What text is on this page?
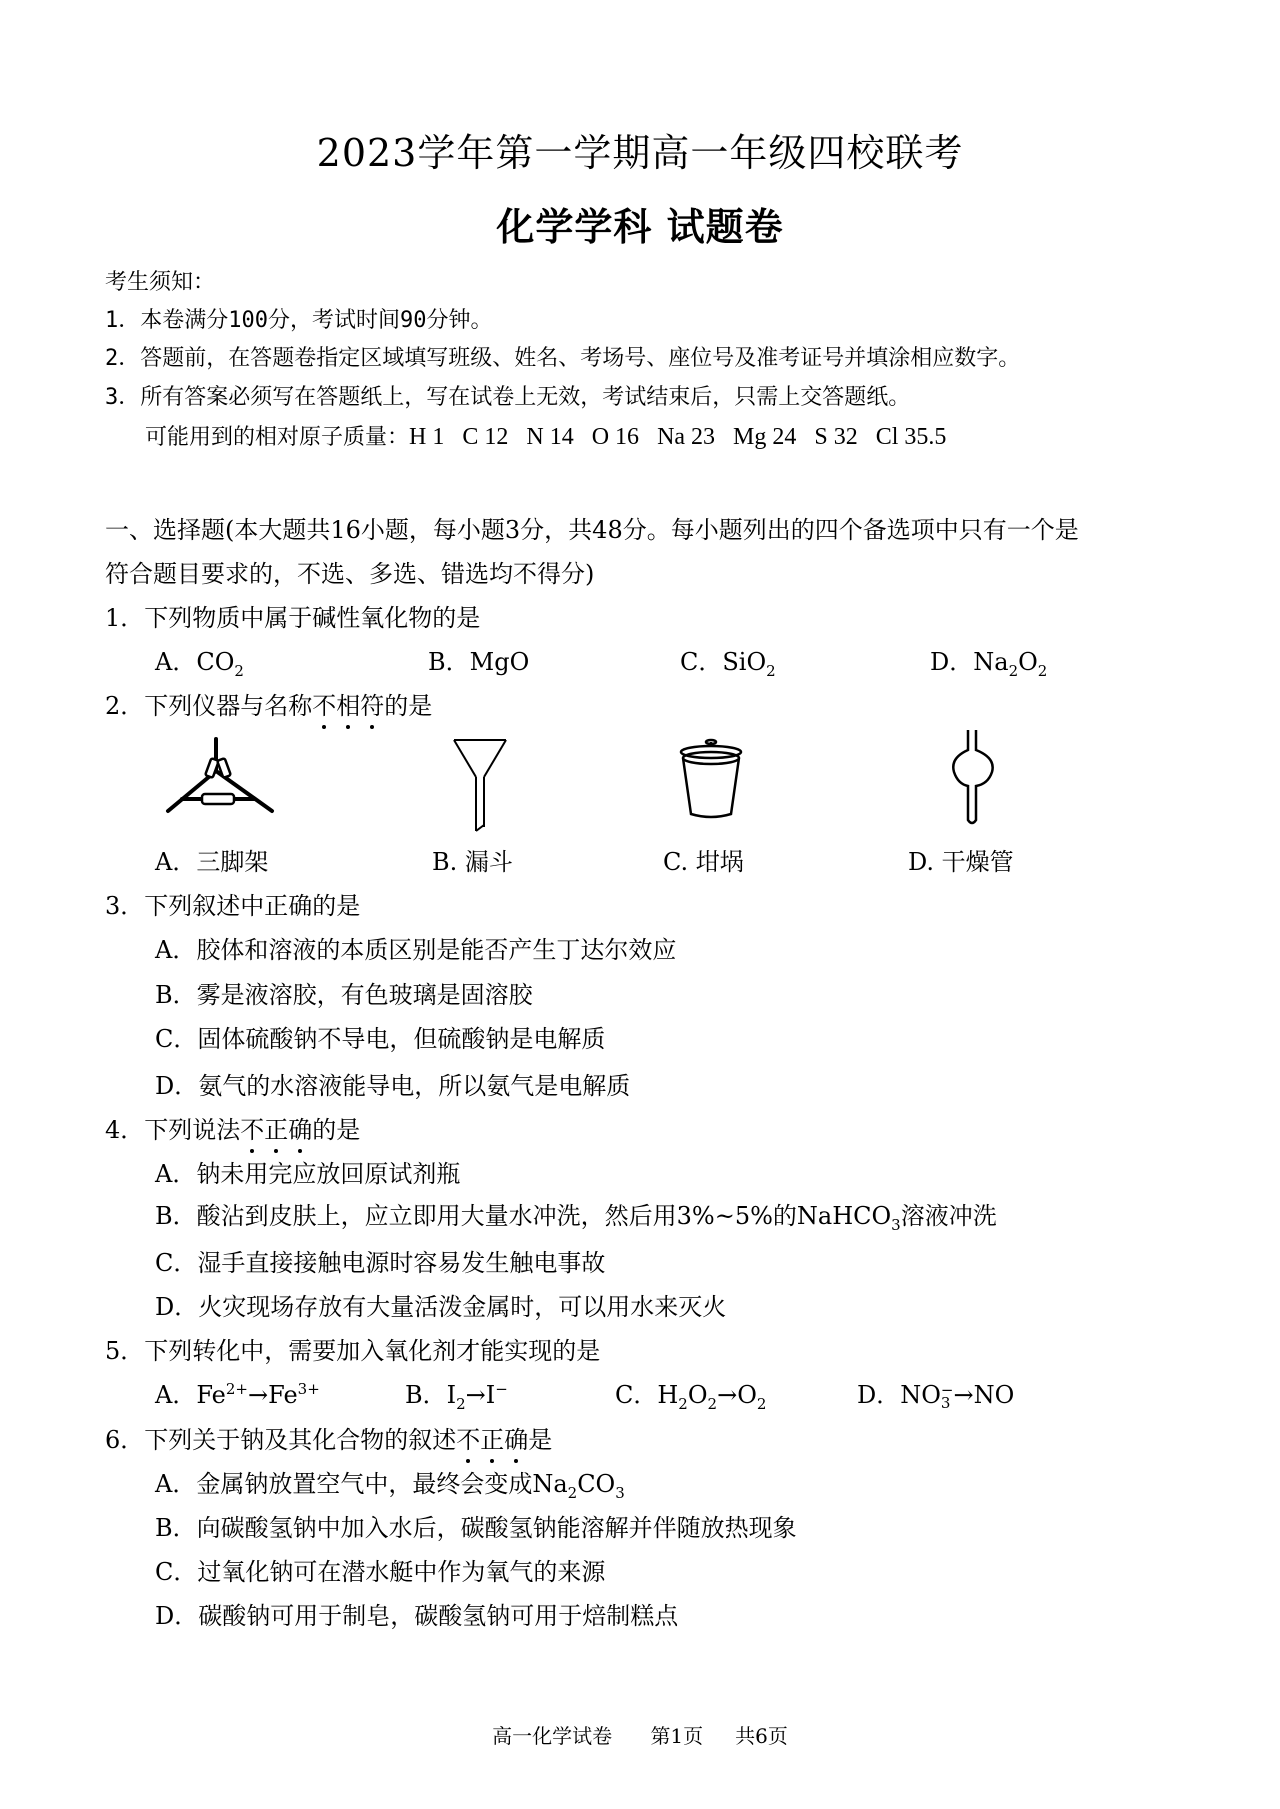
2023学年第一学期高一年级四校联考
化学学科 试题卷
考生须知：
1．本卷满分100分，考试时间90分钟。
2．答题前，在答题卷指定区域填写班级、姓名、考场号、座位号及准考证号并填涂相应数字。
3．所有答案必须写在答题纸上，写在试卷上无效，考试结束后，只需上交答题纸。
可能用到的相对原子质量：H 1 C 12 N 14 O 16 Na 23 Mg 24 S 32 Cl 35.5
一、选择题(本大题共16小题，每小题3分，共48分。每小题列出的四个备选项中只有一个是
符合题目要求的，不选、多选、错选均不得分)
1．下列物质中属于碱性氧化物的是
A．$CO_2$	B．MgO	C．SiO$_2$	D．$Na_2O_2$
2．下列仪器与名称不相符的是
A．三脚架	B. 漏斗	C. 坩埚	D. 干燥管
3．下列叙述中正确的是
A．胶体和溶液的本质区别是能否产生丁达尔效应
B．雾是液溶胶，有色玻璃是固溶胶
C．固体硫酸钠不导电，但硫酸钠是电解质
D．氨气的水溶液能导电，所以氨气是电解质
4．下列说法不正确的是
A．钠未用完应放回原试剂瓶
B．酸沾到皮肤上，应立即用大量水冲洗，然后用3%~5%的NaHCO$_3$溶液冲洗
C．湿手直接接触电源时容易发生触电事故
D．火灾现场存放有大量活泼金属时，可以用水来灭火
5．下列转化中，需要加入氧化剂才能实现的是
A．$Fe^{2+}\to Fe^{3+}$	B．$I_2\to I^-$	C．$H_2O_2\to O_2$	D．NO −
3 →NO
6．下列关于钠及其化合物的叙述不正确是
A．金属钠放置空气中，最终会变成$Na_2CO_3$
B．向碳酸氢钠中加入水后，碳酸氢钠能溶解并伴随放热现象
C．过氧化钠可在潜水艇中作为氧气的来源
D．碳酸钠可用于制皂，碳酸氢钠可用于焙制糕点
高一化学试卷 第1页 共6页
